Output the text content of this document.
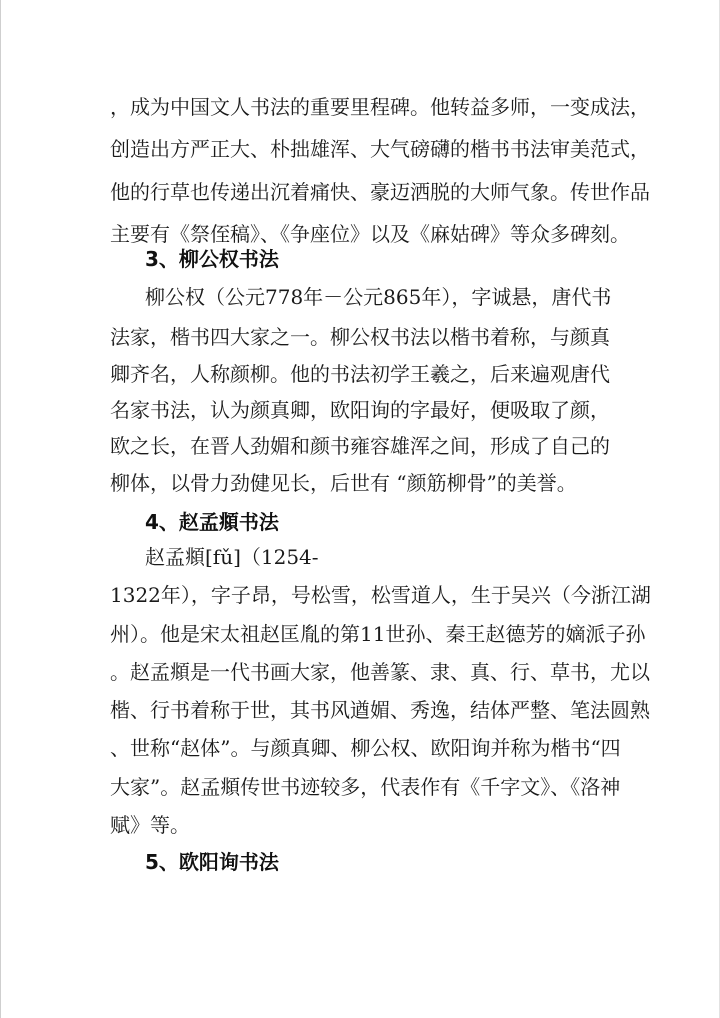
，成为中国文人书法的重要里程碑。他转益多师，一变成法，

创造出方严正大、朴拙雄浑、大气磅礴的楷书书法审美范式，

他的行草也传递出沉着痛快、豪迈洒脱的大师气象。传世作品

主要有《祭侄稿》、《争座位》以及《麻姑碑》等众多碑刻。

3、柳公权书法

柳公权（公元778年－公元865年），字诚悬，唐代书

法家，楷书四大家之一。柳公权书法以楷书着称，与颜真

卿齐名，人称颜柳。他的书法初学王羲之，后来遍观唐代

名家书法，认为颜真卿，欧阳询的字最好，便吸取了颜，

欧之长，在晋人劲媚和颜书雍容雄浑之间，形成了自己的

柳体，以骨力劲健见长，后世有 “颜筋柳骨”的美誉。

4、赵孟頫书法

赵孟頫[fǔ]（1254-

1322年），字子昂，号松雪，松雪道人，生于吴兴（今浙江湖

州）。他是宋太祖赵匡胤的第11世孙、秦王赵德芳的嫡派子孙

。赵孟頫是一代书画大家，他善篆、隶、真、行、草书，尤以

楷、行书着称于世，其书风遒媚、秀逸，结体严整、笔法圆熟

、世称“赵体”。与颜真卿、柳公权、欧阳询并称为楷书“四

大家”。赵孟頫传世书迹较多，代表作有《千字文》、《洛神

赋》等。

5、欧阳询书法
